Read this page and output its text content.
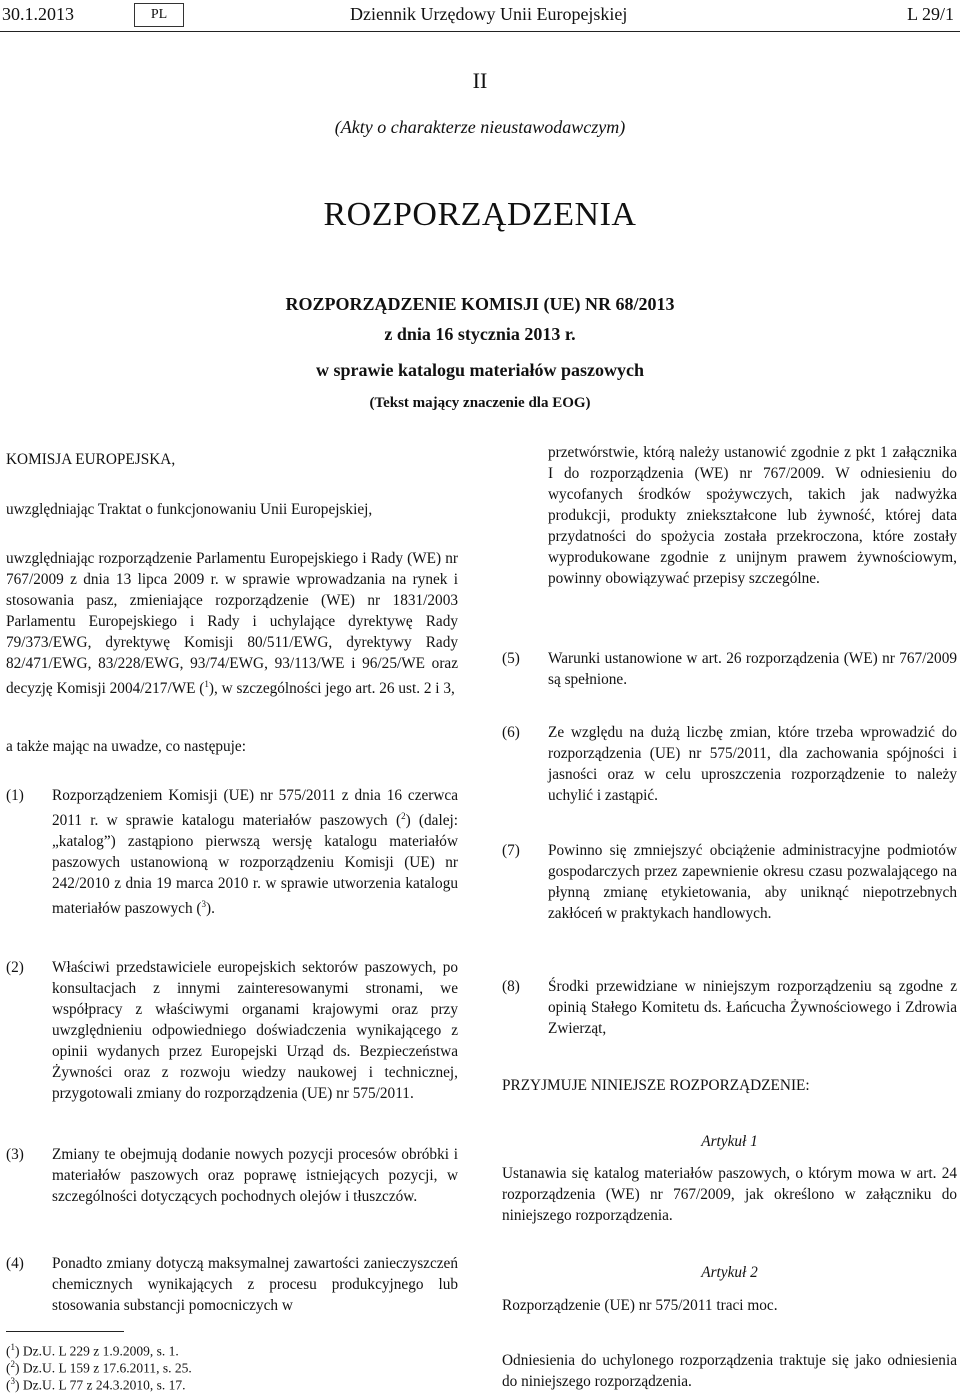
30.1.2013	PL	Dziennik Urzędowy Unii Europejskiej	L 29/1
II
(Akty o charakterze nieustawodawczym)
ROZPORZĄDZENIA
ROZPORZĄDZENIE KOMISJI (UE) NR 68/2013
z dnia 16 stycznia 2013 r.
w sprawie katalogu materiałów paszowych
(Tekst mający znaczenie dla EOG)
KOMISJA EUROPEJSKA,
uwzględniając Traktat o funkcjonowaniu Unii Europejskiej,
uwzględniając rozporządzenie Parlamentu Europejskiego i Rady (WE) nr 767/2009 z dnia 13 lipca 2009 r. w sprawie wprowadzania na rynek i stosowania pasz, zmieniające rozporządzenie (WE) nr 1831/2003 Parlamentu Europejskiego i Rady i uchylające dyrektywę Rady 79/373/EWG, dyrektywę Komisji 80/511/EWG, dyrektywy Rady 82/471/EWG, 83/228/EWG, 93/74/EWG, 93/113/WE i 96/25/WE oraz decyzję Komisji 2004/217/WE ($^1$), w szczególności jego art. 26 ust. 2 i 3,
a także mając na uwadze, co następuje:
(1) Rozporządzeniem Komisji (UE) nr 575/2011 z dnia 16 czerwca 2011 r. w sprawie katalogu materiałów paszowych ($^2$) (dalej: „katalog”) zastąpiono pierwszą wersję katalogu materiałów paszowych ustanowioną w rozporządzeniu Komisji (UE) nr 242/2010 z dnia 19 marca 2010 r. w sprawie utworzenia katalogu materiałów paszowych ($^3$).
(2) Właściwi przedstawiciele europejskich sektorów paszowych, po konsultacjach z innymi zainteresowanymi stronami, we współpracy z właściwymi organami krajowymi oraz przy uwzględnieniu odpowiedniego doświadczenia wynikającego z opinii wydanych przez Europejski Urząd ds. Bezpieczeństwa Żywności oraz z rozwoju wiedzy naukowej i technicznej, przygotowali zmiany do rozporządzenia (UE) nr 575/2011.
(3) Zmiany te obejmują dodanie nowych pozycji procesów obróbki i materiałów paszowych oraz poprawę istniejących pozycji, w szczególności dotyczących pochodnych olejów i tłuszczów.
(4) Ponadto zmiany dotyczą maksymalnej zawartości zanieczyszczeń chemicznych wynikających z procesu produkcyjnego lub stosowania substancji pomocniczych w
przetwórstwie, którą należy ustanowić zgodnie z pkt 1 załącznika I do rozporządzenia (WE) nr 767/2009. W odniesieniu do wycofanych środków spożywczych, takich jak nadwyżka produkcji, produkty zniekształcone lub żywność, której data przydatności do spożycia została przekroczona, które zostały wyprodukowane zgodnie z unijnym prawem żywnościowym, powinny obowiązywać przepisy szczególne.
(5) Warunki ustanowione w art. 26 rozporządzenia (WE) nr 767/2009 są spełnione.
(6) Ze względu na dużą liczbę zmian, które trzeba wprowadzić do rozporządzenia (UE) nr 575/2011, dla zachowania spójności i jasności oraz w celu uproszczenia rozporządzenie to należy uchylić i zastąpić.
(7) Powinno się zmniejszyć obciążenie administracyjne podmiotów gospodarczych przez zapewnienie okresu czasu pozwalającego na płynną zmianę etykietowania, aby uniknąć niepotrzebnych zakłóceń w praktykach handlowych.
(8) Środki przewidziane w niniejszym rozporządzeniu są zgodne z opinią Stałego Komitetu ds. Łańcucha Żywnościowego i Zdrowia Zwierząt,
PRZYJMUJE NINIEJSZE ROZPORZĄDZENIE:
Artykuł 1
Ustanawia się katalog materiałów paszowych, o którym mowa w art. 24 rozporządzenia (WE) nr 767/2009, jak określono w załączniku do niniejszego rozporządzenia.
Artykuł 2
Rozporządzenie (UE) nr 575/2011 traci moc.
Odniesienia do uchylonego rozporządzenia traktuje się jako odniesienia do niniejszego rozporządzenia.
($^1$) Dz.U. L 229 z 1.9.2009, s. 1.
($^2$) Dz.U. L 159 z 17.6.2011, s. 25.
($^3$) Dz.U. L 77 z 24.3.2010, s. 17.
